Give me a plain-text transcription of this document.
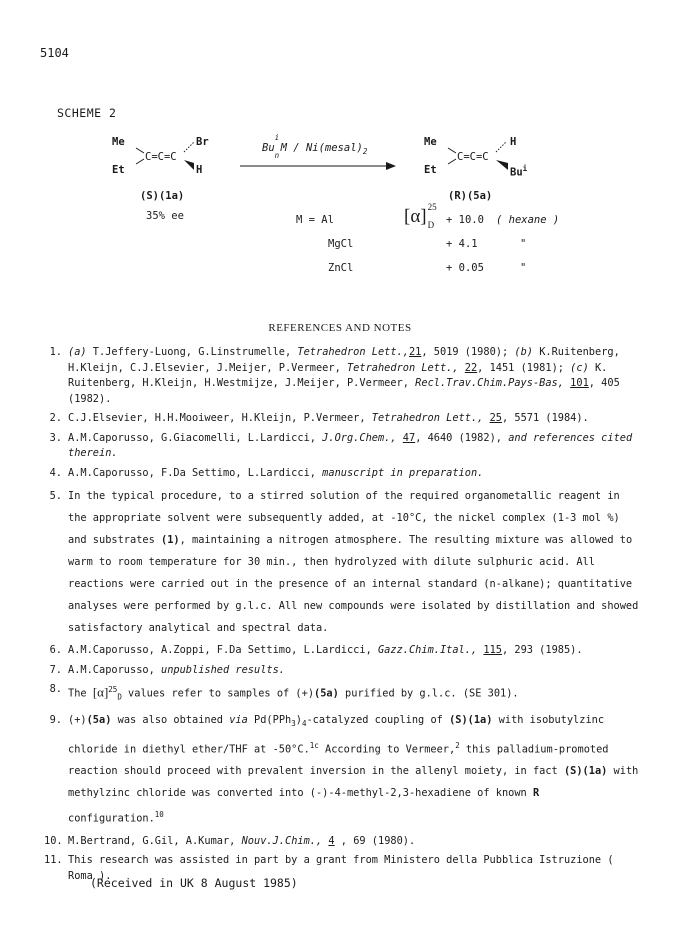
5104
SCHEME 2
Me	Br
C=C=C
Et	H
(S)(1a)
35% ee
Bu
i
n
M / $Ni(mesal)_2$
Me	H
C=C=C
Et	Bu$^i$
(R)(5a)
[α] 25
D
M = Al	+ 10.0 ( hexane )
MgCl	+ 4.1	"
ZnCl	+ 0.05	"
REFERENCES AND NOTES
1. (a) T.Jeffery-Luong, G.Linstrumelle, Tetrahedron Lett.,21, 5019 (1980); (b) K.Ruitenberg, H.Kleijn, C.J.Elsevier, J.Meijer, P.Vermeer, Tetrahedron Lett., 22, 1451 (1981); (c) K. Ruitenberg, H.Kleijn, H.Westmijze, J.Meijer, P.Vermeer, Recl.Trav.Chim.Pays-Bas, 101, 405 (1982).
2. C.J.Elsevier, H.H.Mooiweer, H.Kleijn, P.Vermeer, Tetrahedron Lett., 25, 5571 (1984).
3. A.M.Caporusso, G.Giacomelli, L.Lardicci, J.Org.Chem., 47, 4640 (1982), and references cited therein.
4. A.M.Caporusso, F.Da Settimo, L.Lardicci, manuscript in preparation.
5. In the typical procedure, to a stirred solution of the required organometallic reagent in the appropriate solvent were subsequently added, at -10°C, the nickel complex (1-3 mol %) and substrates (1), maintaining a nitrogen atmosphere. The resulting mixture was allowed to warm to room temperature for 30 min., then hydrolyzed with dilute sulphuric acid. All reactions were carried out in the presence of an internal standard (n-alkane); quantitative analyses were performed by g.l.c. All new compounds were isolated by distillation and showed satisfactory analytical and spectral data.
6. A.M.Caporusso, A.Zoppi, F.Da Settimo, L.Lardicci, Gazz.Chim.Ital., 115, 293 (1985).
7. A.M.Caporusso, unpublished results.
8. The $[\alpha]^{25}_D$ values refer to samples of (+)(5a) purified by g.l.c. (SE 301).
9. (+)(5a) was also obtained via $Pd(PPh_3)_4$-catalyzed coupling of (S)(1a) with isobutylzinc chloride in diethyl ether/THF at -50°C.$^{1c}$ According to Vermeer,$^2$ this palladium-promoted reaction should proceed with prevalent inversion in the allenyl moiety, in fact (S)(1a) with methylzinc chloride was converted into (-)-4-methyl-2,3-hexadiene of known R configuration.$^{10}$
10. M.Bertrand, G.Gil, A.Kumar, Nouv.J.Chim., 4 , 69 (1980).
11. This research was assisted in part by a grant from Ministero della Pubblica Istruzione ( Roma ).
(Received in UK 8 August 1985)
